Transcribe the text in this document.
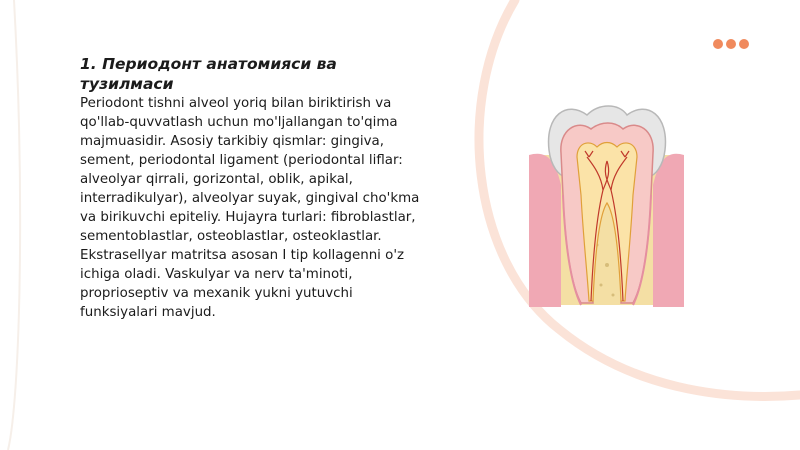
1. Периодонт анатомияси ва тузилмаси

Periodont tishni alveol yoriq bilan biriktirish va qo'llab-quvvatlash uchun mo'ljallangan to'qima majmuasidir. Asosiy tarkibiy qismlar: gingiva, sement, periodontal ligament (periodontal liflar: alveolyar qirrali, gorizontal, oblik, apikal, interradikulyar), alveolyar suyak, gingival cho'kma va birikuvchi epiteliy. Hujayra turlari: fibroblastlar, sementoblastlar, osteoblastlar, osteoklastlar. Ekstrasellyar matritsa asosan I tip kollagenni o'z ichiga oladi. Vaskulyar va nerv ta'minoti, proprioseptiv va mexanik yukni yutuvchi funksiyalari mavjud.
